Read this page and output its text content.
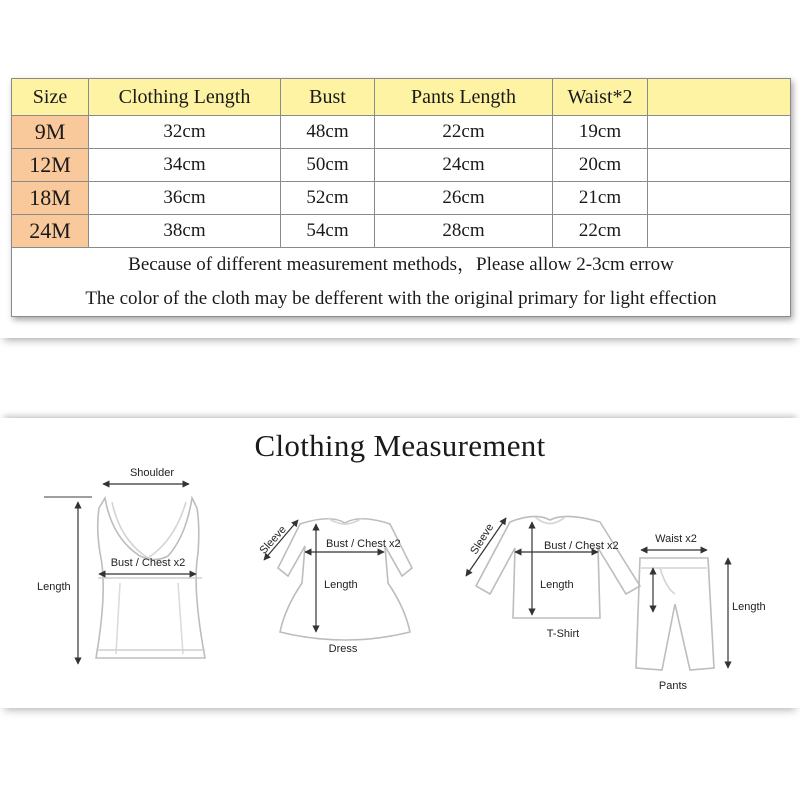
Size	Clothing Length	Bust	Pants Length	Waist*2	
9M	32cm	48cm	22cm	19cm	
12M	34cm	50cm	24cm	20cm	
18M	36cm	52cm	26cm	21cm	
24M	38cm	54cm	28cm	22cm	
Because of different measurement methods，Please allow 2-3cm errow					
The color of the cloth may be defferent with the original primary for light effection					
Clothing Measurement
Shoulder
Bust / Chest x2
Length
Sleeve	Bust / Chest x2
Length
Dress
Sleeve	Bust / Chest x2
Length
T-Shirt
Waist x2
Length
Pants
